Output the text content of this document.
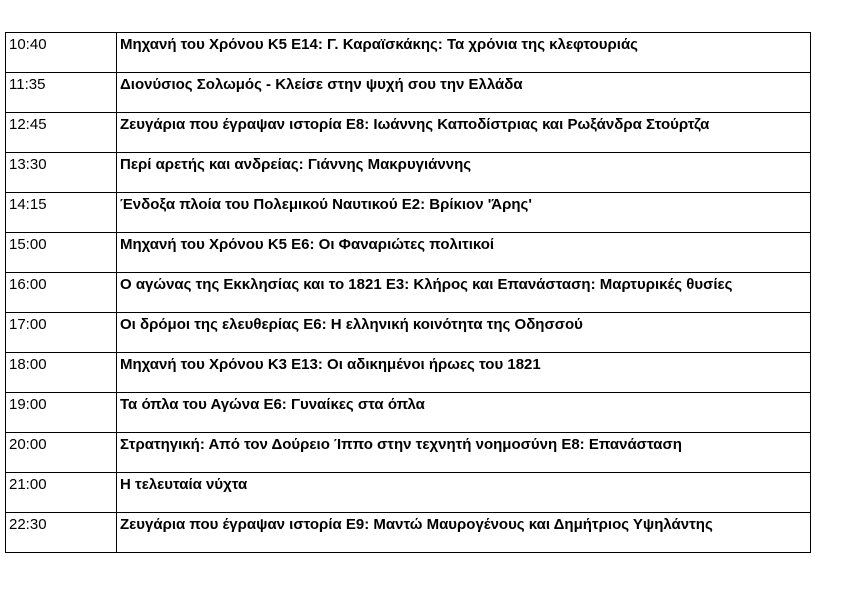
10:40	Μηχανή του Χρόνου Κ5 Ε14: Γ. Καραϊσκάκης: Τα χρόνια της κλεφτουριάς
11:35	Διονύσιος Σολωμός - Κλείσε στην ψυχή σου την Ελλάδα
12:45	Ζευγάρια που έγραψαν ιστορία Ε8: Ιωάννης Καποδίστριας και Ρωξάνδρα Στούρτζα
13:30	Περί αρετής και ανδρείας: Γιάννης Μακρυγιάννης
14:15	Ένδοξα πλοία του Πολεμικού Ναυτικού Ε2: Βρίκιον 'Άρης'
15:00	Μηχανή του Χρόνου Κ5 Ε6: Οι Φαναριώτες πολιτικοί
16:00	Ο αγώνας της Εκκλησίας και το 1821 Ε3: Κλήρος και Επανάσταση: Μαρτυρικές θυσίες
17:00	Οι δρόμοι της ελευθερίας Ε6: Η ελληνική κοινότητα της Οδησσού
18:00	Μηχανή του Χρόνου Κ3 Ε13: Οι αδικημένοι ήρωες του 1821
19:00	Τα όπλα του Αγώνα Ε6: Γυναίκες στα όπλα
20:00	Στρατηγική: Από τον Δούρειο Ίππο στην τεχνητή νοημοσύνη Ε8: Επανάσταση
21:00	Η τελευταία νύχτα
22:30	Ζευγάρια που έγραψαν ιστορία Ε9: Μαντώ Μαυρογένους και Δημήτριος Υψηλάντης
